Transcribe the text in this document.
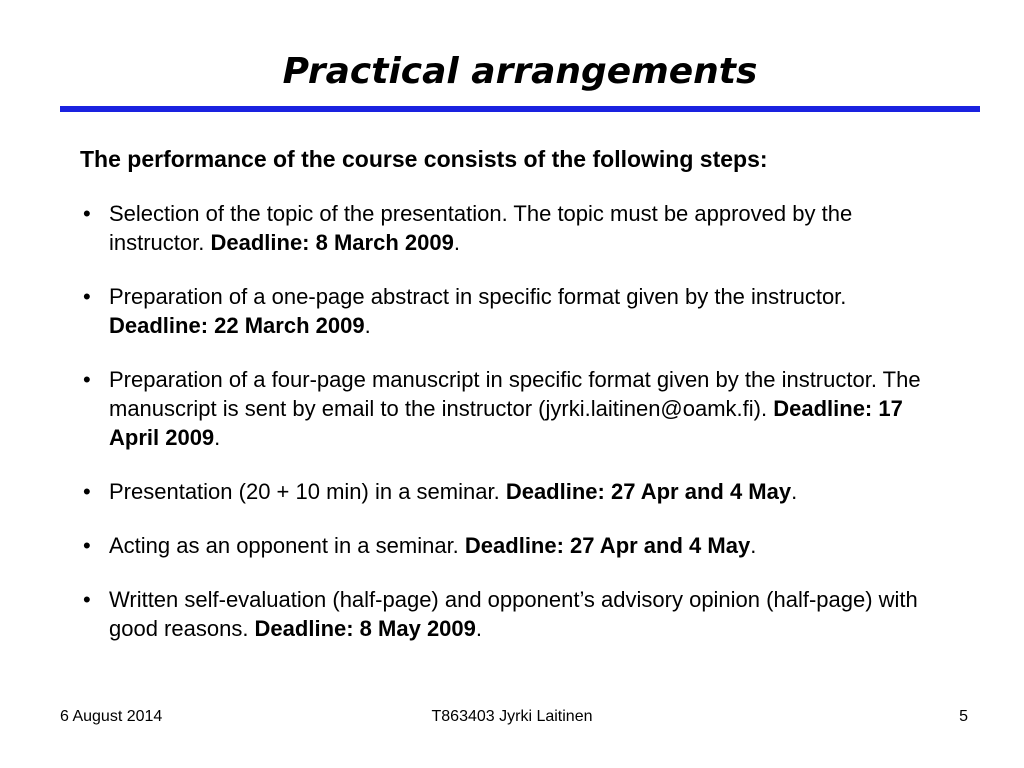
Practical arrangements
The performance of the course consists of the following steps:
• Selection of the topic of the presentation. The topic must be approved by the instructor. Deadline: 8 March 2009.
• Preparation of a one-page abstract in specific format given by the instructor. Deadline: 22 March 2009.
• Preparation of a four-page manuscript in specific format given by the instructor. The manuscript is sent by email to the instructor (jyrki.laitinen@oamk.fi). Deadline: 17 April 2009.
• Presentation (20 + 10 min) in a seminar. Deadline: 27 Apr and 4 May.
• Acting as an opponent in a seminar. Deadline: 27 Apr and 4 May.
• Written self-evaluation (half-page) and opponent’s advisory opinion (half-page) with good reasons. Deadline: 8 May 2009.
6 August 2014	T863403 Jyrki Laitinen	5
